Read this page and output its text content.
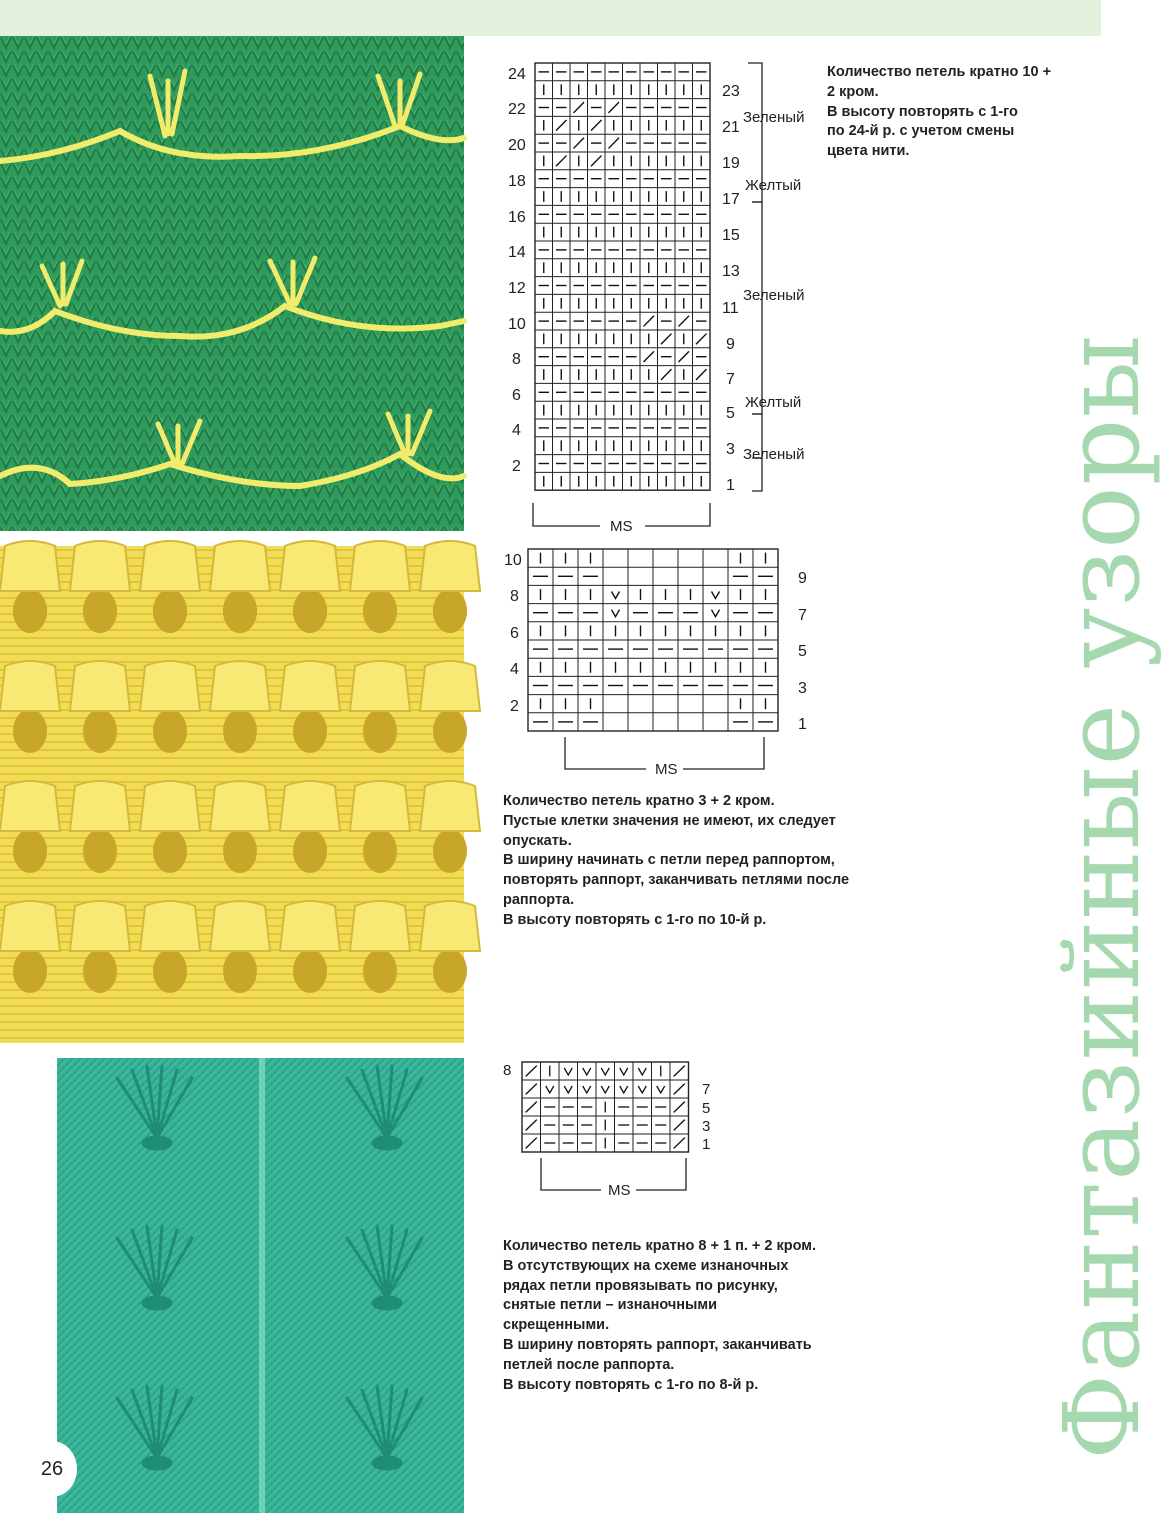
24
22
20
18
16
14
12
10
8
6
4
2
23
21
19
17
15
13
11
9
7
5
3
1
Зеленый
Желтый
Зеленый
Желтый
Зеленый
MS
10
8
6
4
2
9
7
5
3
1
MS
8
7
5
3
1
MS

Количество петель кратно 10 +
2 кром.
В высоту повторять с 1-го
по 24-й р. с учетом смены
цвета нити.

Количество петель кратно 3 + 2 кром.
Пустые клетки значения не имеют, их следует
опускать.
В ширину начинать с петли перед раппортом,
повторять раппорт, заканчивать петлями после
раппорта.
В высоту повторять с 1-го по 10-й р.

Количество петель кратно 8 + 1 п. + 2 кром.
В отсутствующих на схеме изнаночных
рядах петли провязывать по рисунку,
снятые петли – изнаночными
скрещенными.
В ширину повторять раппорт, заканчивать
петлей после раппорта.
В высоту повторять с 1-го по 8-й р.	Фантазийные узоры
26
